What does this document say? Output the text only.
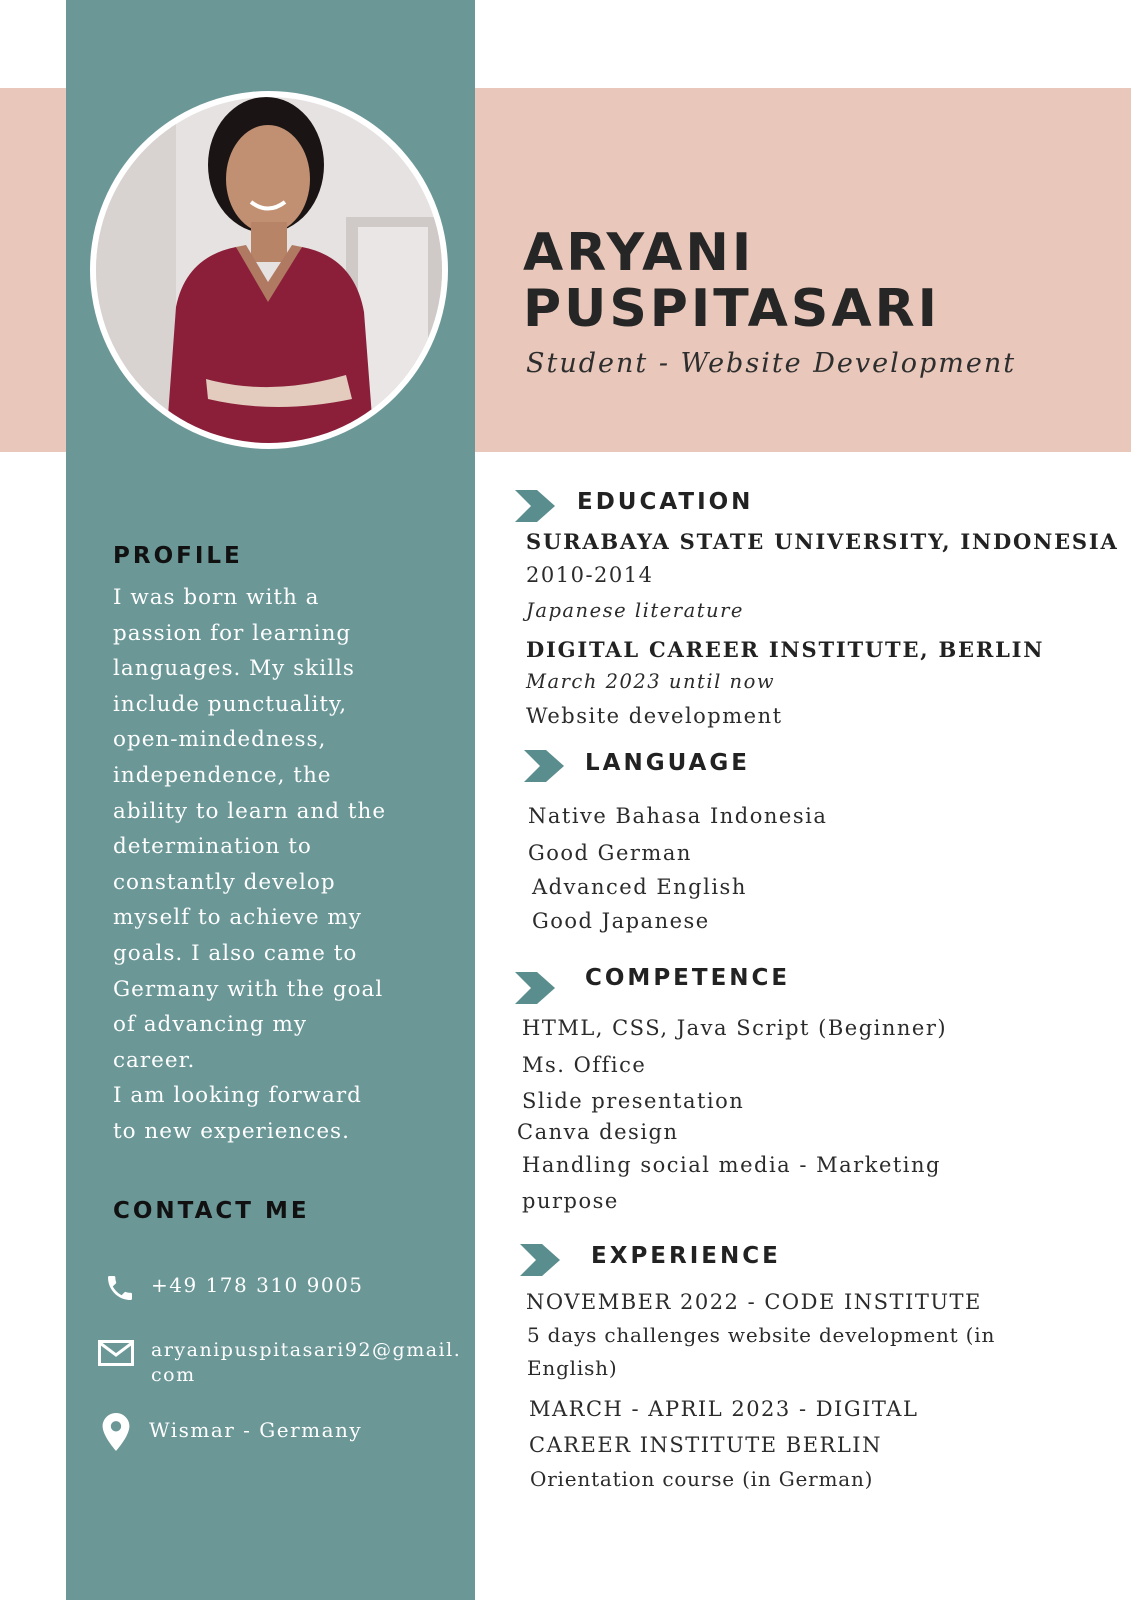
ARYANI
PUSPITASARI
Student - Website Development
PROFILE
I was born with a
passion for learning
languages. My skills
include punctuality,
open-mindedness,
independence, the
ability to learn and the
determination to
constantly develop
myself to achieve my
goals. I also came to
Germany with the goal
of advancing my
career.
I am looking forward
to new experiences.
CONTACT ME
+49 178 310 9005
aryanipuspitasari92@gmail.
com
Wismar - Germany
EDUCATION
SURABAYA STATE UNIVERSITY, INDONESIA
2010-2014
Japanese literature
DIGITAL CAREER INSTITUTE, BERLIN
March 2023 until now
Website development
LANGUAGE
Native Bahasa Indonesia
Good German
Advanced English
Good Japanese
COMPETENCE
HTML, CSS, Java Script (Beginner)
Ms. Office
Slide presentation
Canva design
Handling social media - Marketing
purpose
EXPERIENCE
NOVEMBER 2022 - CODE INSTITUTE
5 days challenges website development (in
English)
MARCH - APRIL 2023 - DIGITAL
CAREER INSTITUTE BERLIN
Orientation course (in German)
